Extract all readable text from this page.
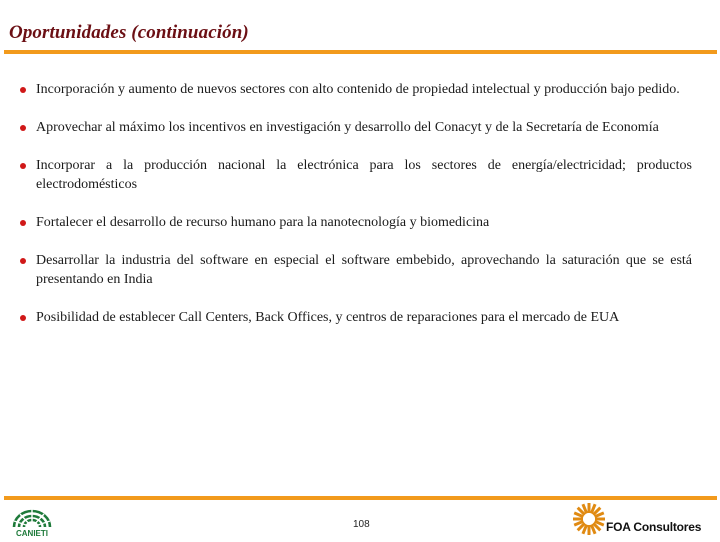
Oportunidades (continuación)
Incorporación y aumento de nuevos sectores con alto contenido de propiedad intelectual y producción bajo pedido.
Aprovechar al máximo los incentivos en investigación y desarrollo del Conacyt y de la Secretaría de Economía
Incorporar a la producción nacional la electrónica para los sectores de energía/electricidad; productos electrodomésticos
Fortalecer el desarrollo de recurso humano para la nanotecnología y biomedicina
Desarrollar la industria del software en especial el software embebido, aprovechando la saturación que se está presentando en India
Posibilidad de establecer Call Centers, Back Offices, y centros de reparaciones para el mercado de EUA
CANIETI
108	FOA Consultores
